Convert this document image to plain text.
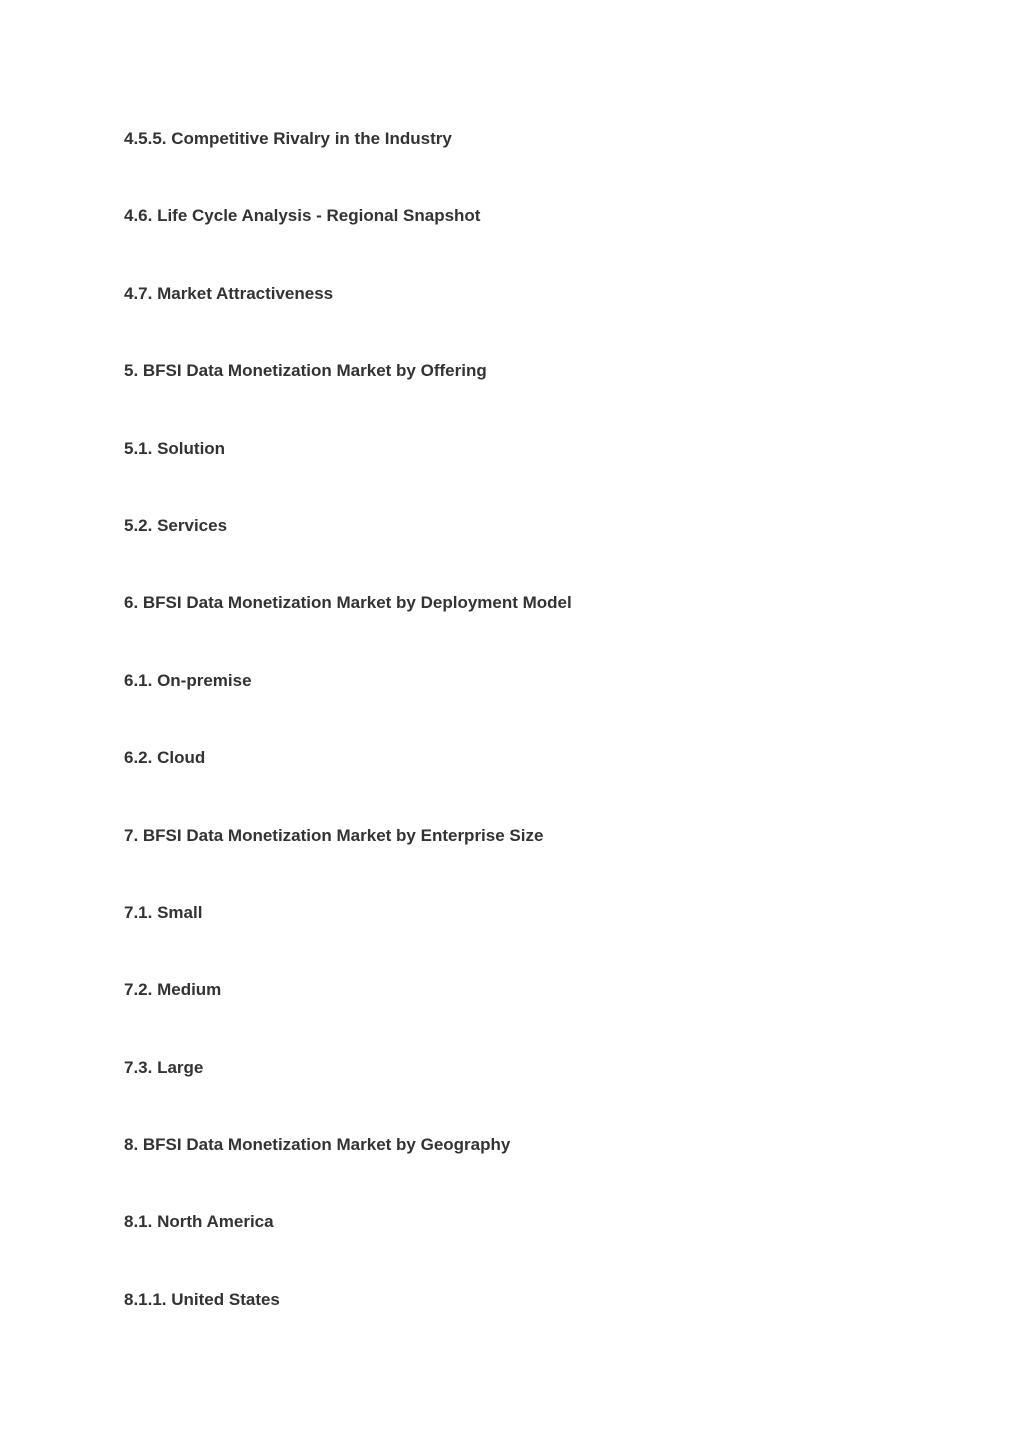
4.5.5. Competitive Rivalry in the Industry
4.6. Life Cycle Analysis - Regional Snapshot
4.7. Market Attractiveness
5. BFSI Data Monetization Market by Offering
5.1. Solution
5.2. Services
6. BFSI Data Monetization Market by Deployment Model
6.1. On-premise
6.2. Cloud
7. BFSI Data Monetization Market by Enterprise Size
7.1. Small
7.2. Medium
7.3. Large
8. BFSI Data Monetization Market by Geography
8.1. North America
8.1.1. United States
